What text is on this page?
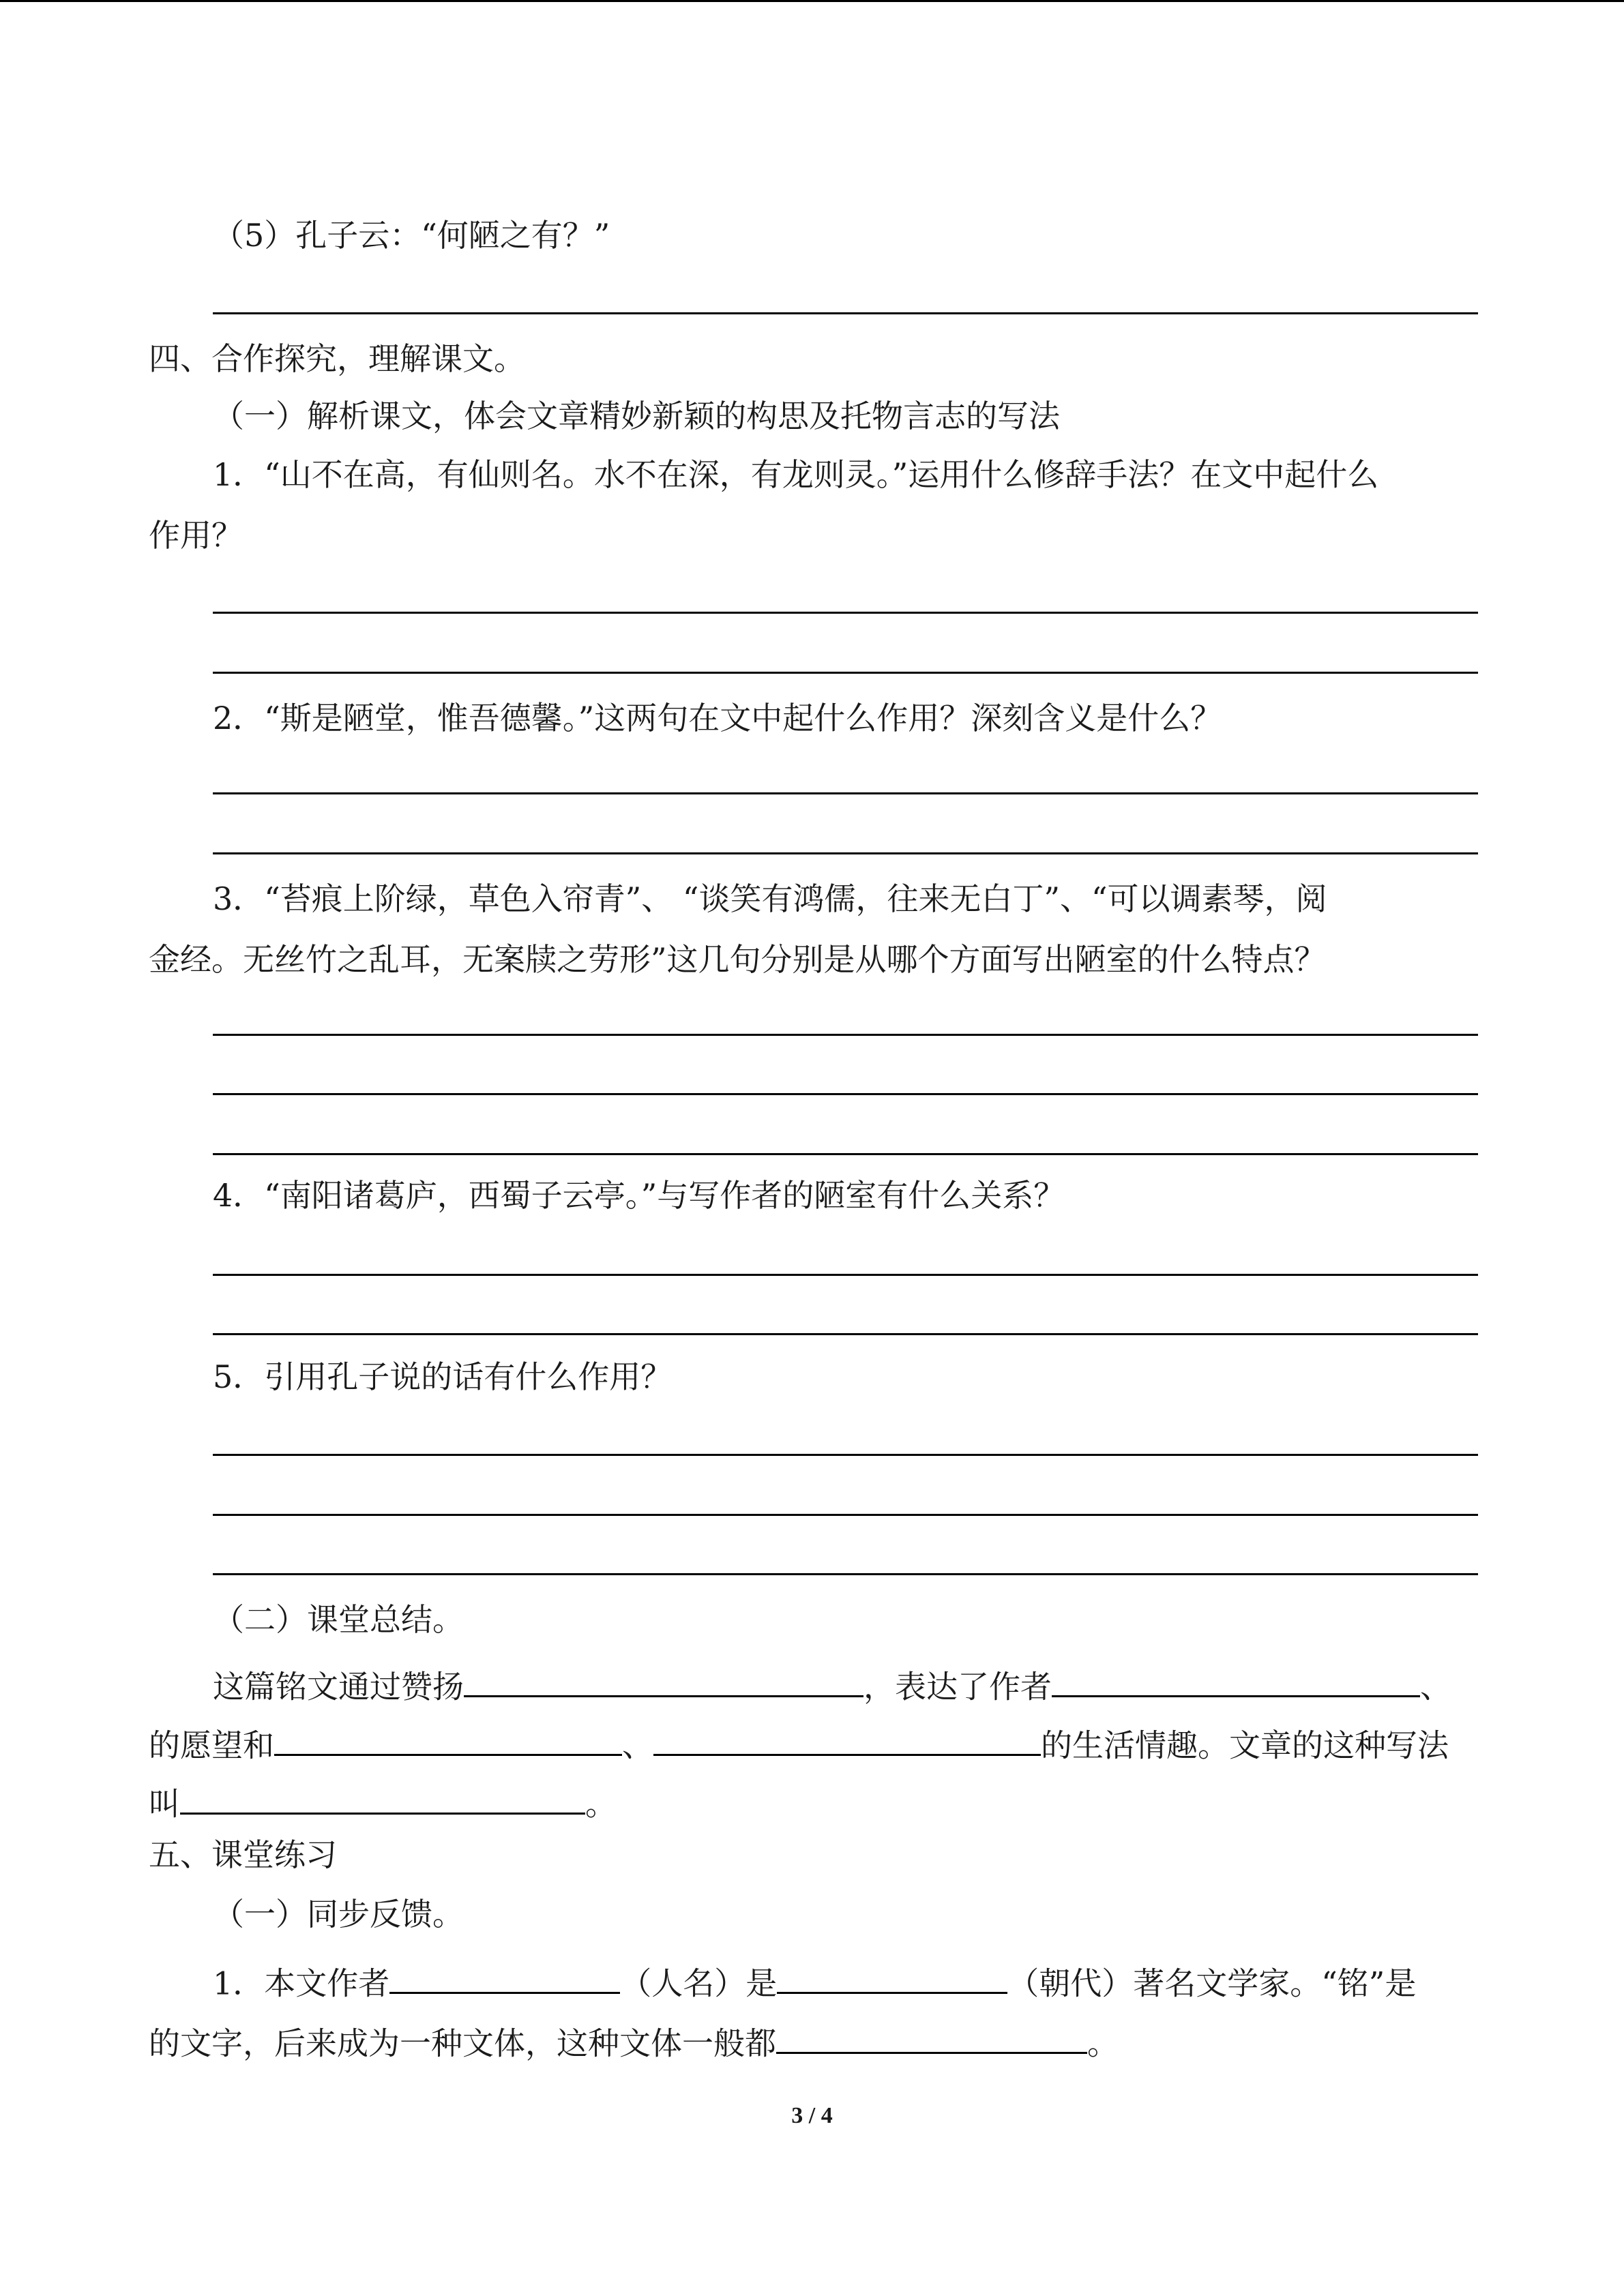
（5）孔子云：“何陋之有？”
四、合作探究，理解课文。
（一）解析课文，体会文章精妙新颖的构思及托物言志的写法
1．“山不在高，有仙则名。水不在深，有龙则灵。”运用什么修辞手法？在文中起什么
作用？
2．“斯是陋堂，惟吾德馨。”这两句在文中起什么作用？深刻含义是什么？
3．“苔痕上阶绿，草色入帘青”、 “谈笑有鸿儒，往来无白丁”、“可以调素琴，阅
金经。无丝竹之乱耳，无案牍之劳形”这几句分别是从哪个方面写出陋室的什么特点？
4．“南阳诸葛庐，西蜀子云亭。”与写作者的陋室有什么关系？
5．引用孔子说的话有什么作用？
（二）课堂总结。
这篇铭文通过赞扬	，表达了作者	、
的愿望和	、	的生活情趣。文章的这种写法
叫	。
五、课堂练习
（一）同步反馈。
1．本文作者	（人名）是	（朝代）著名文学家。“铭”是
的文字，后来成为一种文体，这种文体一般都	。
3 / 4
